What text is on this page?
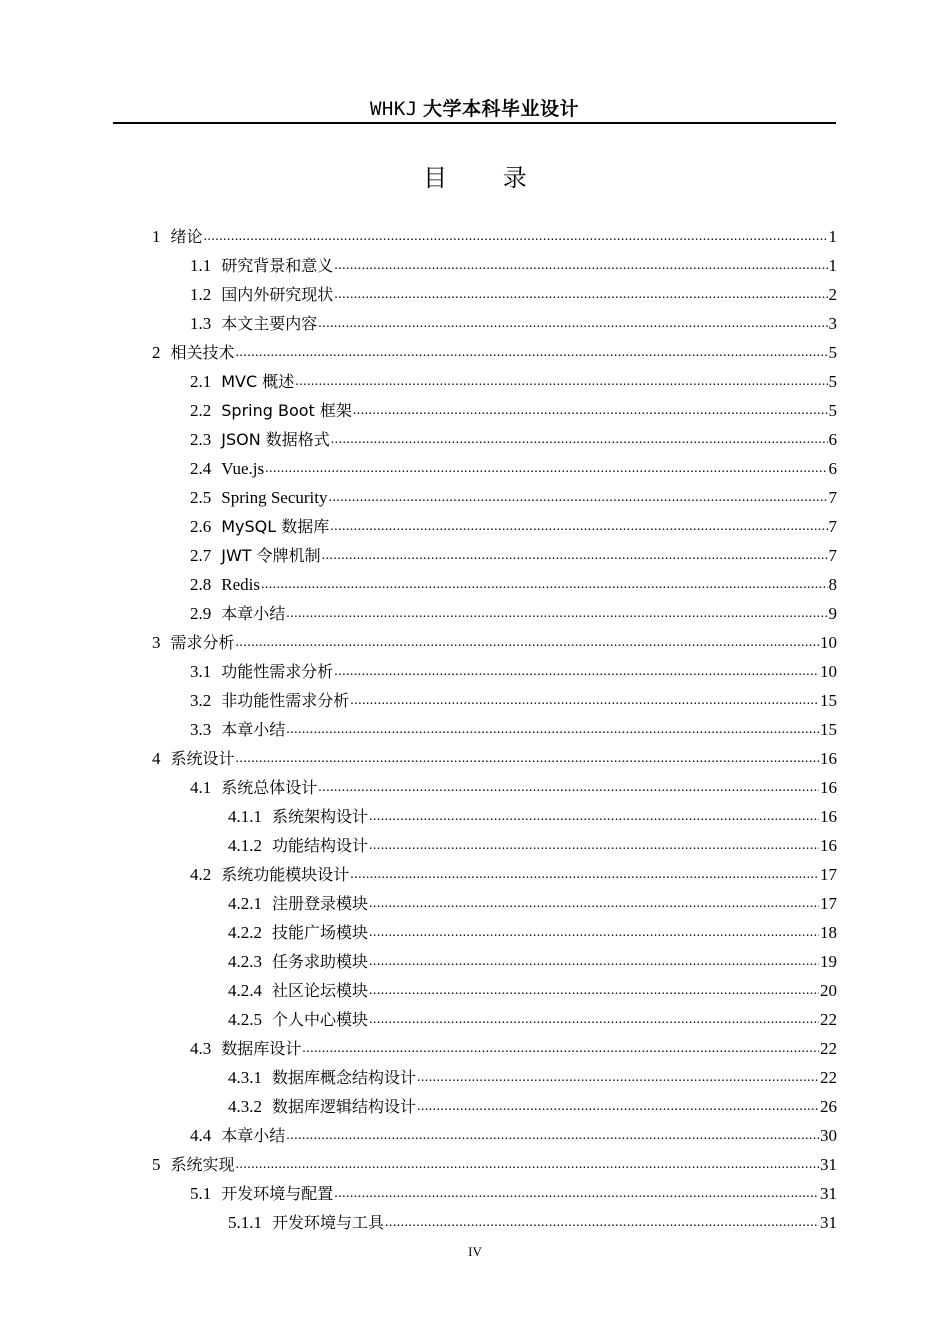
WHKJ 大学本科毕业设计
目 录
1 绪论 .....	1
1.1 研究背景和意义 .....	1
1.2 国内外研究现状 .....	2
1.3 本文主要内容 .....	3
2 相关技术 .....	5
2.1 MVC 概述 .....	5
2.2 Spring Boot 框架 .....	5
2.3 JSON 数据格式 .....	6
2.4 Vue.js .....	6
2.5 Spring Security .....	7
2.6 MySQL 数据库 .....	7
2.7 JWT 令牌机制 .....	7
2.8 Redis .....	8
2.9 本章小结 .....	9
3 需求分析 .....	10
3.1 功能性需求分析 .....	10
3.2 非功能性需求分析 .....	15
3.3 本章小结 .....	15
4 系统设计 .....	16
4.1 系统总体设计 .....	16
4.1.1 系统架构设计 .....	16
4.1.2 功能结构设计 .....	16
4.2 系统功能模块设计 .....	17
4.2.1 注册登录模块 .....	17
4.2.2 技能广场模块 .....	18
4.2.3 任务求助模块 .....	19
4.2.4 社区论坛模块 .....	20
4.2.5 个人中心模块 .....	22
4.3 数据库设计 .....	22
4.3.1 数据库概念结构设计 .....	22
4.3.2 数据库逻辑结构设计 .....	26
4.4 本章小结 .....	30
5 系统实现 .....	31
5.1 开发环境与配置 .....	31
5.1.1 开发环境与工具 .....	31
IV
